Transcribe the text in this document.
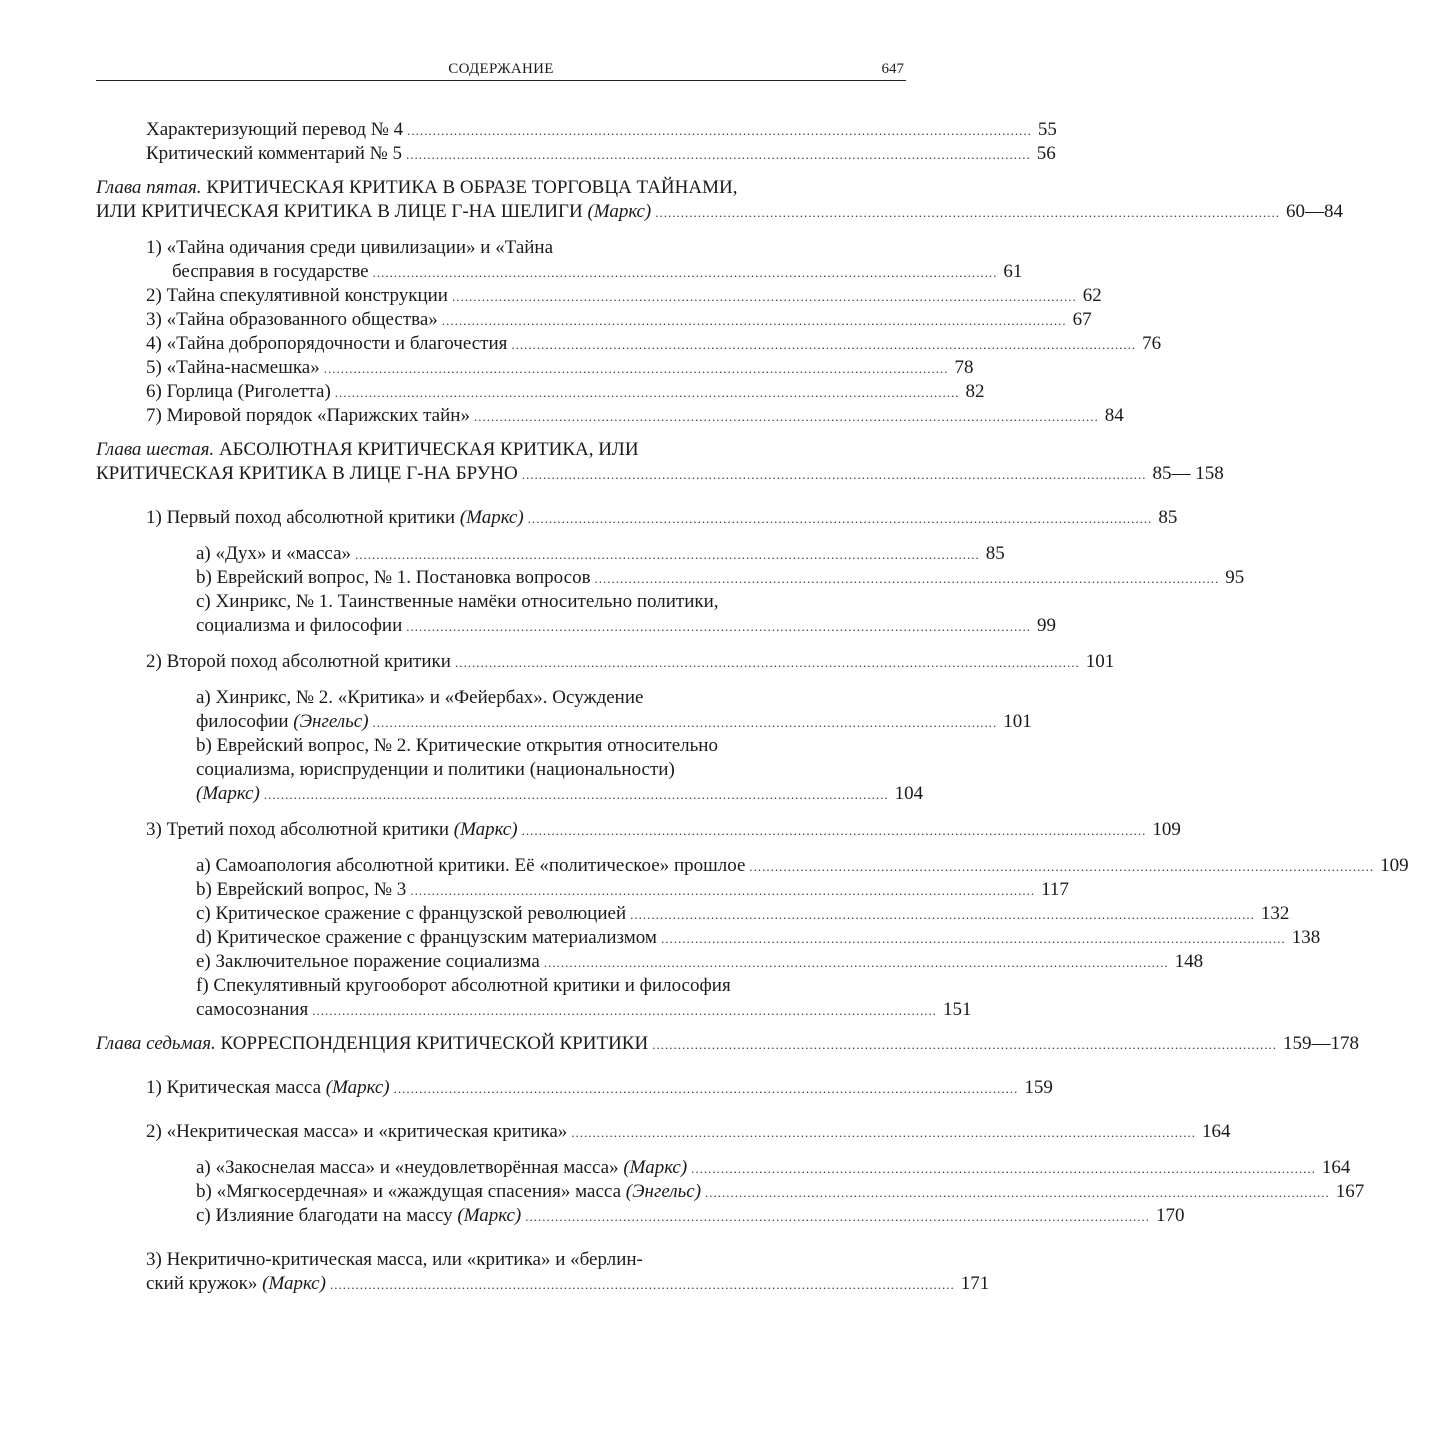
СОДЕРЖАНИЕ	647
Характеризующий перевод № 4 ................................................................................................................................................... 55
Критический комментарий № 5 ................................................................................................................................................... 56
Глава пятая. КРИТИЧЕСКАЯ КРИТИКА В ОБРАЗЕ ТОРГОВЦА ТАЙНАМИ,
ИЛИ КРИТИЧЕСКАЯ КРИТИКА В ЛИЦЕ Г-НА ШЕЛИГИ (Маркс) ................................................................................................................................................... 60—84
1) «Тайна одичания среди цивилизации» и «Тайна
бесправия в государстве ................................................................................................................................................... 61
2) Тайна спекулятивной конструкции ................................................................................................................................................... 62
3) «Тайна образованного общества» ................................................................................................................................................... 67
4) «Тайна добропорядочности и благочестия ................................................................................................................................................... 76
5) «Тайна-насмешка» ................................................................................................................................................... 78
6) Горлица (Риголетта) ................................................................................................................................................... 82
7) Мировой порядок «Парижских тайн» ................................................................................................................................................... 84
Глава шестая. АБСОЛЮТНАЯ КРИТИЧЕСКАЯ КРИТИКА, ИЛИ
КРИТИЧЕСКАЯ КРИТИКА В ЛИЦЕ Г-НА БРУНО ................................................................................................................................................... 85— 158
1) Первый поход абсолютной критики (Маркс) ................................................................................................................................................... 85
a) «Дух» и «масса» ................................................................................................................................................... 85
b) Еврейский вопрос, № 1. Постановка вопросов ................................................................................................................................................... 95
c) Хинрикс, № 1. Таинственные намёки относительно политики,
социализма и философии ................................................................................................................................................... 99
2) Второй поход абсолютной критики ................................................................................................................................................... 101
a) Хинрикс, № 2. «Критика» и «Фейербах». Осуждение
философии (Энгельс) ................................................................................................................................................... 101
b) Еврейский вопрос, № 2. Критические открытия относительно
социализма, юриспруденции и политики (национальности)
(Маркс) ................................................................................................................................................... 104
3) Третий поход абсолютной критики (Маркс) ................................................................................................................................................... 109
a) Самоапология абсолютной критики. Её «политическое» прошлое ................................................................................................................................................... 109
b) Еврейский вопрос, № 3 ................................................................................................................................................... 117
c) Критическое сражение с французской революцией ................................................................................................................................................... 132
d) Критическое сражение с французским материализмом ................................................................................................................................................... 138
e) Заключительное поражение социализма ................................................................................................................................................... 148
f) Спекулятивный кругооборот абсолютной критики и философия
самосознания ................................................................................................................................................... 151
Глава седьмая. КОРРЕСПОНДЕНЦИЯ КРИТИЧЕСКОЙ КРИТИКИ ................................................................................................................................................... 159—178
1) Критическая масса (Маркс) ................................................................................................................................................... 159
2) «Некритическая масса» и «критическая критика» ................................................................................................................................................... 164
a) «Закоснелая масса» и «неудовлетворённая масса» (Маркс) ................................................................................................................................................... 164
b) «Мягкосердечная» и «жаждущая спасения» масса (Энгельс) ................................................................................................................................................... 167
c) Излияние благодати на массу (Маркс) ................................................................................................................................................... 170
3) Некритично-критическая масса, или «критика» и «берлин-
ский кружок» (Маркс) ................................................................................................................................................... 171
